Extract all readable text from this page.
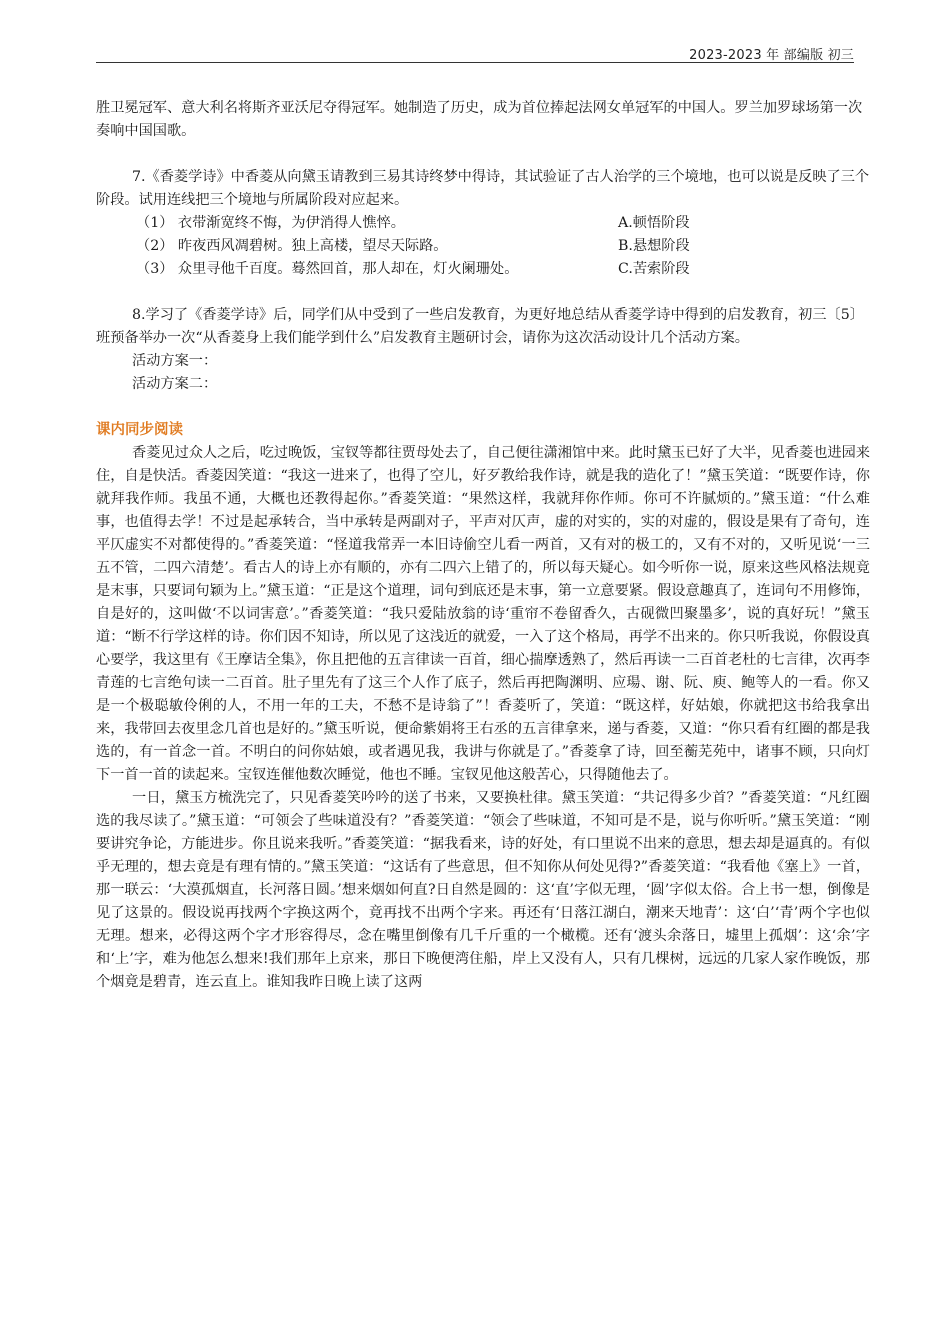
2023-2023 年 部编版 初三

胜卫冕冠军、意大利名将斯齐亚沃尼夺得冠军。她制造了历史，成为首位捧起法网女单冠军的中国人。罗兰加罗球场第一次奏响中国国歌。

7.《香菱学诗》中香菱从向黛玉请教到三易其诗终梦中得诗，其试验证了古人治学的三个境地，也可以说是反映了三个阶段。试用连线把三个境地与所属阶段对应起来。

（1） 衣带渐宽终不悔，为伊消得人憔悴。	A.顿悟阶段
（2） 昨夜西风凋碧树。独上高楼，望尽天际路。	B.悬想阶段
（3） 众里寻他千百度。蓦然回首，那人却在，灯火阑珊处。	C.苦索阶段

8.学习了《香菱学诗》后，同学们从中受到了一些启发教育，为更好地总结从香菱学诗中得到的启发教育，初三〔5〕班预备举办一次“从香菱身上我们能学到什么”启发教育主题研讨会，请你为这次活动设计几个活动方案。

活动方案一：
活动方案二：

课内同步阅读

香菱见过众人之后，吃过晚饭，宝钗等都往贾母处去了，自己便往潇湘馆中来。此时黛玉已好了大半，见香菱也进园来住，自是快活。香菱因笑道：“我这一进来了，也得了空儿，好歹教给我作诗，就是我的造化了！”黛玉笑道：“既要作诗，你就拜我作师。我虽不通，大概也还教得起你。”香菱笑道：“果然这样，我就拜你作师。你可不许腻烦的。”黛玉道：“什么难事，也值得去学！不过是起承转合，当中承转是两副对子，平声对仄声，虚的对实的，实的对虚的，假设是果有了奇句，连平仄虚实不对都使得的。”香菱笑道：“怪道我常弄一本旧诗偷空儿看一两首，又有对的极工的，又有不对的，又听见说‘一三五不管，二四六清楚’。看古人的诗上亦有顺的，亦有二四六上错了的，所以每天疑心。如今听你一说，原来这些风格法规竟是末事，只要词句颖为上。”黛玉道：“正是这个道理，词句到底还是末事，第一立意要紧。假设意趣真了，连词句不用修饰，自是好的，这叫做‘不以词害意’。”香菱笑道：“我只爱陆放翁的诗‘重帘不卷留香久，古砚微凹聚墨多’，说的真好玩！”黛玉道：“断不行学这样的诗。你们因不知诗，所以见了这浅近的就爱，一入了这个格局，再学不出来的。你只听我说，你假设真心要学，我这里有《王摩诘全集》，你且把他的五言律读一百首，细心揣摩透熟了，然后再读一二百首老杜的七言律，次再李青莲的七言绝句读一二百首。肚子里先有了这三个人作了底子，然后再把陶渊明、应瑒、谢、阮、庾、鲍等人的一看。你又是一个极聪敏伶俐的人，不用一年的工夫，不愁不是诗翁了”！香菱听了，笑道：“既这样，好姑娘，你就把这书给我拿出来，我带回去夜里念几首也是好的。”黛玉听说，便命紫娟将王右丞的五言律拿来，递与香菱，又道：“你只看有红圈的都是我选的，有一首念一首。不明白的问你姑娘，或者遇见我，我讲与你就是了。”香菱拿了诗，回至蘅芜苑中，诸事不顾，只向灯下一首一首的读起来。宝钗连催他数次睡觉，他也不睡。宝钗见他这般苦心，只得随他去了。

一日，黛玉方梳洗完了，只见香菱笑吟吟的送了书来，又要换杜律。黛玉笑道：“共记得多少首？”香菱笑道：“凡红圈选的我尽读了。”黛玉道：“可领会了些味道没有？”香菱笑道：“领会了些味道，不知可是不是，说与你听听。”黛玉笑道：“刚要讲究争论，方能进步。你且说来我听。”香菱笑道：“据我看来，诗的好处，有口里说不出来的意思，想去却是逼真的。有似乎无理的，想去竟是有理有情的。”黛玉笑道：“这话有了些意思，但不知你从何处见得?”香菱笑道：“我看他《塞上》一首，那一联云：‘大漠孤烟直，长河落日圆。’想来烟如何直?日自然是圆的：这‘直’字似无理，‘圆’字似太俗。合上书一想，倒像是见了这景的。假设说再找两个字换这两个，竟再找不出两个字来。再还有‘日落江湖白，潮来天地青’：这‘白’‘青’两个字也似无理。想来，必得这两个字才形容得尽，念在嘴里倒像有几千斤重的一个橄榄。还有‘渡头余落日，墟里上孤烟’：这‘余’字和‘上’字，难为他怎么想来!我们那年上京来，那日下晚便湾住船，岸上又没有人，只有几棵树，远远的几家人家作晚饭，那个烟竟是碧青，连云直上。谁知我昨日晚上读了这两
